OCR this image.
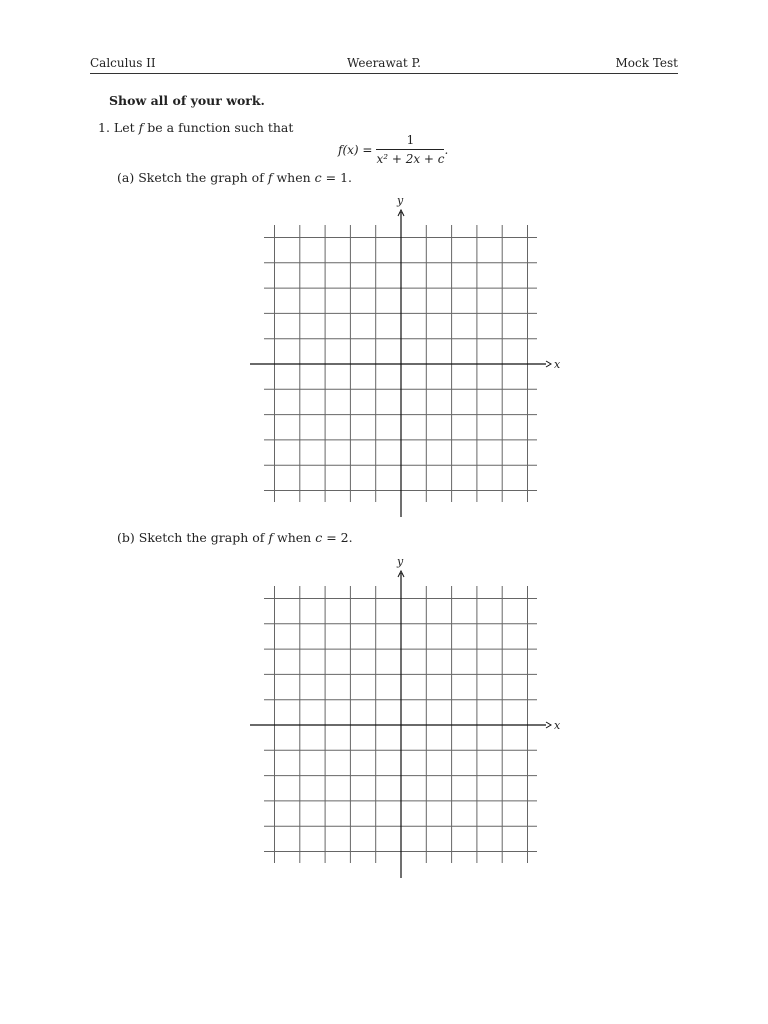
Calculus II	Weerawat P.	Mock Test
Show all of your work.
1. Let f be a function such that
$f(x) = \frac{1}{\text{x² + 2x + c}}$ .
(a) Sketch the graph of f when c = 1.
x
y
(b) Sketch the graph of f when c = 2.
x
y
